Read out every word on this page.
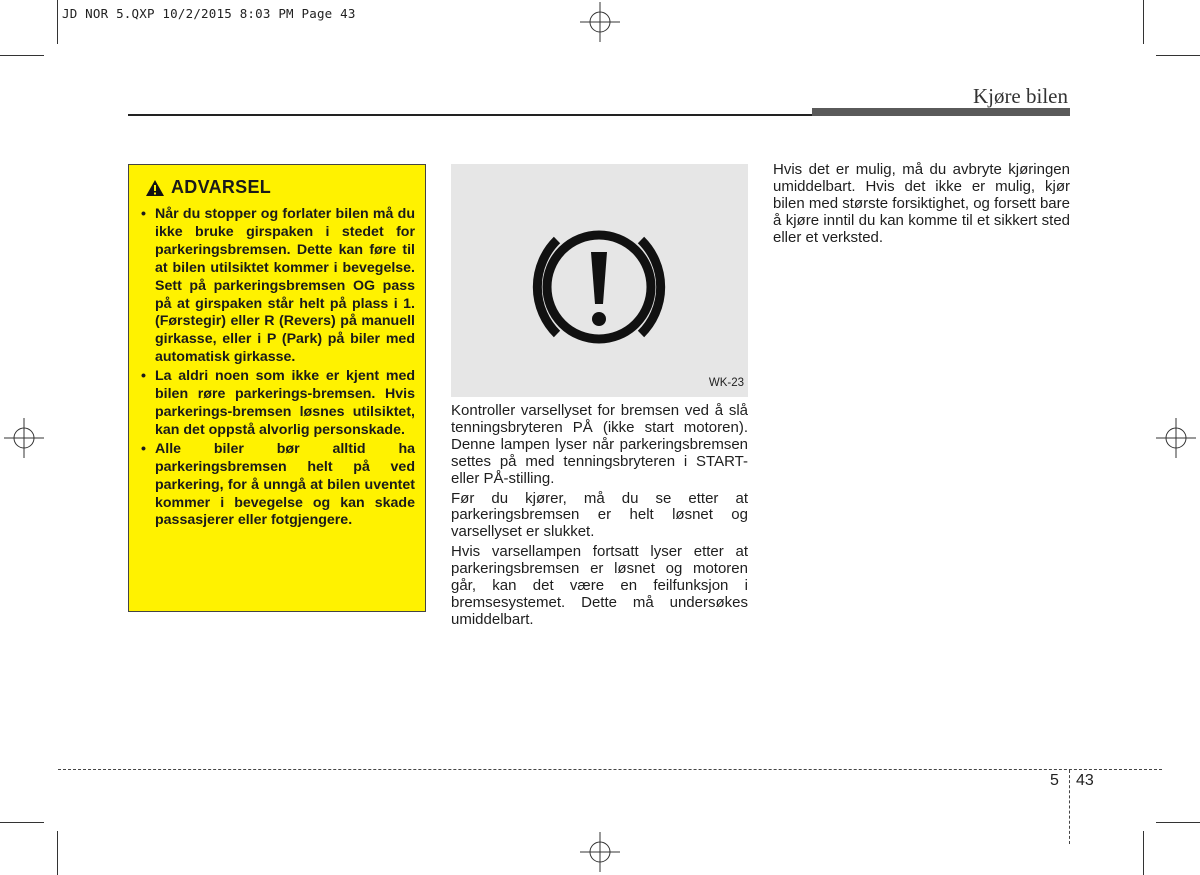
JD NOR 5.QXP 10/2/2015 8:03 PM Page 43
Kjøre bilen
ADVARSEL
• Når du stopper og forlater bilen må du ikke bruke girspaken i stedet for parkeringsbremsen. Dette kan føre til at bilen utilsiktet kommer i bevegelse. Sett på parkeringsbremsen OG pass på at girspaken står helt på plass i 1. (Førstegir) eller R (Revers) på manuell girkasse, eller i P (Park) på biler med automatisk girkasse.
• La aldri noen som ikke er kjent med bilen røre parkerings-bremsen. Hvis parkerings-bremsen løsnes utilsiktet, kan det oppstå alvorlig personskade.
• Alle biler bør alltid ha parkeringsbremsen helt på ved parkering, for å unngå at bilen uventet kommer i bevegelse og kan skade passasjerer eller fotgjengere.
WK-23

Kontroller varsellyset for bremsen ved å slå tenningsbryteren PÅ (ikke start motoren). Denne lampen lyser når parkeringsbremsen settes på med tenningsbryteren i START- eller PÅ-stilling.

Før du kjører, må du se etter at parkeringsbremsen er helt løsnet og varsellyset er slukket.

Hvis varsellampen fortsatt lyser etter at parkeringsbremsen er løsnet og motoren går, kan det være en feilfunksjon i bremsesystemet. Dette må undersøkes umiddelbart.

Hvis det er mulig, må du avbryte kjøringen umiddelbart. Hvis det ikke er mulig, kjør bilen med største forsiktighet, og forsett bare å kjøre inntil du kan komme til et sikkert sted eller et verksted.

5 43
